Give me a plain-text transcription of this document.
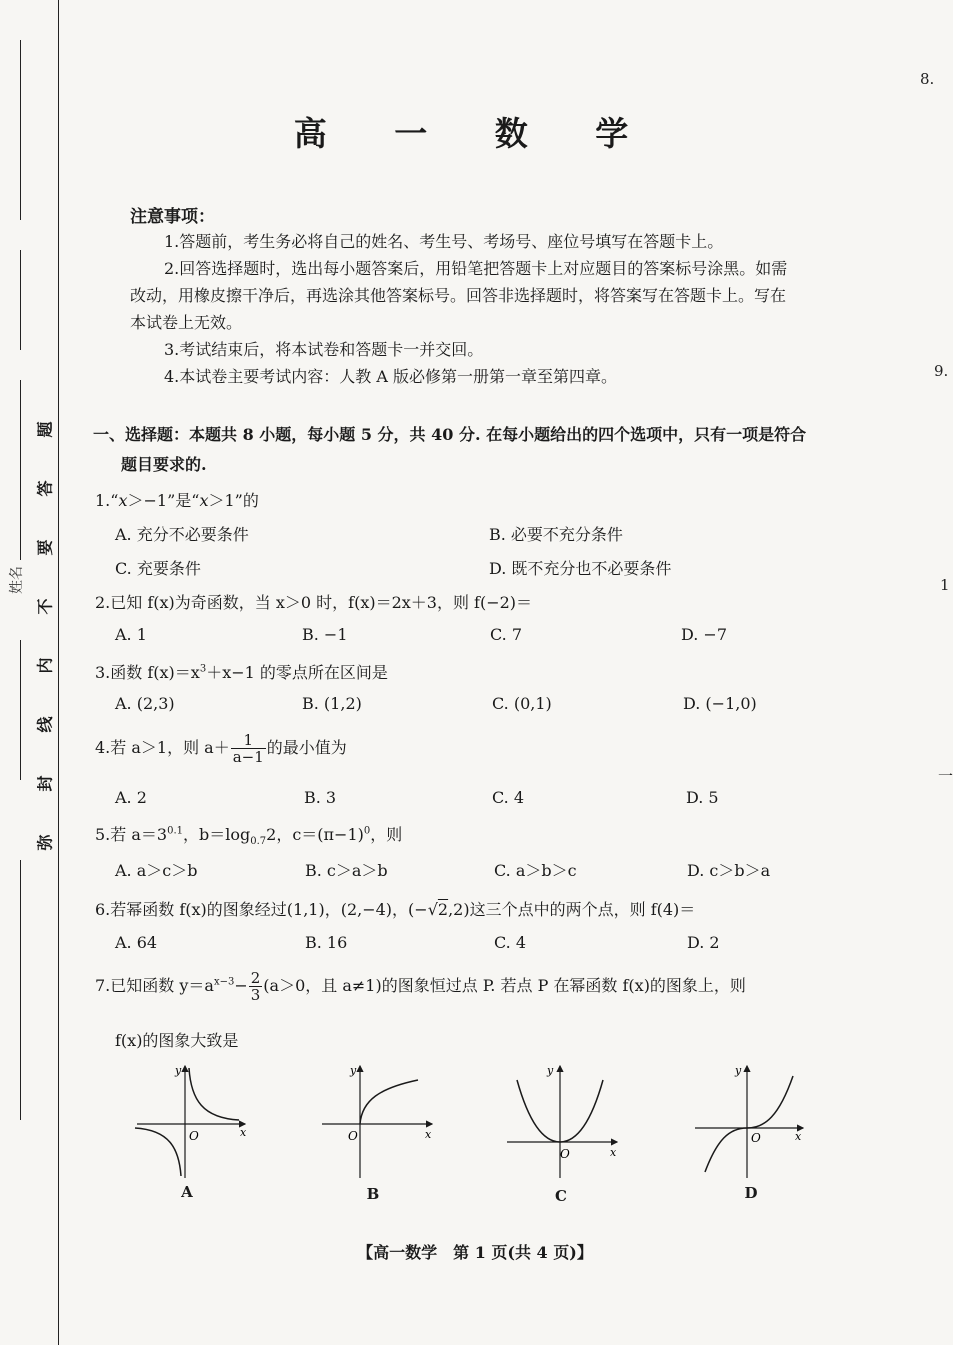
姓名
题
答
要
不
内
线
封
弥
8.
9.
1
一
高 一 数 学
注意事项：

1.答题前，考生务必将自己的姓名、考生号、考场号、座位号填写在答题卡上。

2.回答选择题时，选出每小题答案后，用铅笔把答题卡上对应题目的答案标号涂黑。如需改动，用橡皮擦干净后，再选涂其他答案标号。回答非选择题时，将答案写在答题卡上。写在本试卷上无效。

3.考试结束后，将本试卷和答题卡一并交回。

4.本试卷主要考试内容：人教 A 版必修第一册第一章至第四章。

一、选择题：本题共 8 小题，每小题 5 分，共 40 分. 在每小题给出的四个选项中，只有一项是符合
题目要求的.
1.“x＞−1”是“x＞1”的
A. 充分不必要条件	B. 必要不充分条件
C. 充要条件	D. 既不充分也不必要条件
2.已知 f(x)为奇函数，当 x＞0 时，f(x)＝2x＋3，则 f(−2)＝
A. 1	B. −1	C. 7	D. −7
3.函数 $f(x)=x^3+x-1$ 的零点所在区间是
A. (2,3)	B. (1,2)	C. (0,1)	D. (−1,0)
4.若 a＞1，则 $a+ \frac{1}{a-1}$ 的最小值为
A. 2	B. 3	C. 4	D. 5
5.若 $a=3^{0.1}$，$b=\log_{0.7}2$，$c=(\pi-1)^0$，则
A. a＞c＞b	B. c＞a＞b	C. a＞b＞c	D. c＞b＞a
6.若幂函数 f(x)的图象经过(1,1)，(2,−4)，(−√2,2)这三个点中的两个点，则 f(4)＝
A. 64	B. 16	C. 4	D. 2
7.已知函数 $y=a^{x-3}- \frac{2}{3} (a>0$，且 a≠1)的图象恒过点 P. 若点 P 在幂函数 f(x)的图象上，则
f(x)的图象大致是
y
x
O
A
y
x
O
B
y
x
O
C
y
x
O
D
【高一数学　第 1 页(共 4 页)】
